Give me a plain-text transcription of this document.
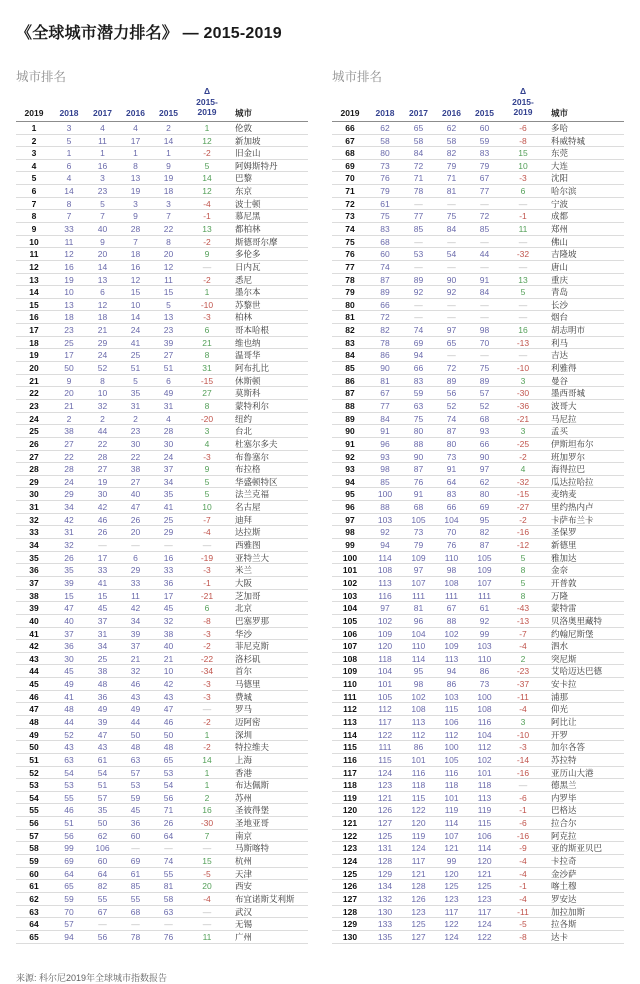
《全球城市潜力排名》 — 2015-2019
城市排名
2019	2018	2017	2016	2015
Δ
2015-
2019	城市
1	3	4	4	2	1	伦敦
2	5	11	17	14	12	新加坡
3	1	1	1	1	-2	旧金山
4	6	16	8	9	5	阿姆斯特丹
5	4	3	13	19	14	巴黎
6	14	23	19	18	12	东京
7	8	5	3	3	-4	波士顿
8	7	7	9	7	-1	慕尼黑
9	33	40	28	22	13	都柏林
10	11	9	7	8	-2	斯德哥尔摩
11	12	20	18	20	9	多伦多
12	16	14	16	12	—	日内瓦
13	19	13	12	11	-2	悉尼
14	10	6	15	15	1	墨尔本
15	13	12	10	5	-10	苏黎世
16	18	18	14	13	-3	柏林
17	23	21	24	23	6	哥本哈根
18	25	29	41	39	21	维也纳
19	17	24	25	27	8	温哥华
20	50	52	51	51	31	阿布扎比
21	9	8	5	6	-15	休斯顿
22	20	10	35	49	27	莫斯科
23	21	32	31	31	8	蒙特利尔
24	2	2	2	4	-20	纽约
25	38	44	23	28	3	台北
26	27	22	30	30	4	杜塞尔多夫
27	22	28	22	24	-3	布鲁塞尔
28	28	27	38	37	9	布拉格
29	24	19	27	34	5	华盛顿特区
30	29	30	40	35	5	法兰克福
31	34	42	47	41	10	名古屋
32	42	46	26	25	-7	迪拜
33	31	26	20	29	-4	达拉斯
34	32	—	—	—	—	西雅图
35	26	17	6	16	-19	亚特兰大
36	35	33	29	33	-3	米兰
37	39	41	33	36	-1	大阪
38	15	15	11	17	-21	芝加哥
39	47	45	42	45	6	北京
40	40	37	34	32	-8	巴塞罗那
41	37	31	39	38	-3	华沙
42	36	34	37	40	-2	菲尼克斯
43	30	25	21	21	-22	洛杉矶
44	45	38	32	10	-34	首尔
45	49	48	46	42	-3	马德里
46	41	36	43	43	-3	费城
47	48	49	49	47	—	罗马
48	44	39	44	46	-2	迈阿密
49	52	47	50	50	1	深圳
50	43	43	48	48	-2	特拉维夫
51	63	61	63	65	14	上海
52	54	54	57	53	1	香港
53	53	51	53	54	1	布达佩斯
54	55	57	59	56	2	苏州
55	46	35	45	71	16	圣彼得堡
56	51	50	36	26	-30	圣地亚哥
57	56	62	60	64	7	南京
58	99	106	—	—	—	马斯喀特
59	69	60	69	74	15	杭州
60	64	64	61	55	-5	天津
61	65	82	85	81	20	西安
62	59	55	55	58	-4	布宜诺斯艾利斯
63	70	67	68	63	—	武汉
64	57	—	—	—	—	无锡
65	94	56	78	76	11	广州
城市排名
2019	2018	2017	2016	2015
Δ
2015-
2019	城市
66	62	65	62	60	-6	多哈
67	58	58	58	59	-8	科威特城
68	80	84	82	83	15	东莞
69	73	72	79	79	10	大连
70	76	71	71	67	-3	沈阳
71	79	78	81	77	6	哈尔滨
72	61	—	—	—	—	宁波
73	75	77	75	72	-1	成都
74	83	85	84	85	11	郑州
75	68	—	—	—	—	佛山
76	60	53	54	44	-32	吉隆坡
77	74	—	—	—	—	唐山
78	87	89	90	91	13	重庆
79	89	92	92	84	5	青岛
80	66	—	—	—	—	长沙
81	72	—	—	—	—	烟台
82	82	74	97	98	16	胡志明市
83	78	69	65	70	-13	利马
84	86	94	—	—	—	吉达
85	90	66	72	75	-10	利雅得
86	81	83	89	89	3	曼谷
87	67	59	56	57	-30	墨西哥城
88	77	63	52	52	-36	波哥大
89	84	75	74	68	-21	马尼拉
90	91	80	87	93	3	孟买
91	96	88	80	66	-25	伊斯坦布尔
92	93	90	73	90	-2	班加罗尔
93	98	87	91	97	4	海得拉巴
94	85	76	64	62	-32	瓜达拉哈拉
95	100	91	83	80	-15	麦纳麦
96	88	68	66	69	-27	里约热内卢
97	103	105	104	95	-2	卡萨布兰卡
98	92	73	70	82	-16	圣保罗
99	94	79	76	87	-12	新德里
100	114	109	110	105	5	雅加达
101	108	97	98	109	8	金奈
102	113	107	108	107	5	开普敦
103	116	111	111	111	8	万隆
104	97	81	67	61	-43	蒙特雷
105	102	96	88	92	-13	贝洛奥里藏特
106	109	104	102	99	-7	约翰尼斯堡
107	120	110	109	103	-4	泗水
108	118	114	113	110	2	突尼斯
109	104	95	94	86	-23	艾哈迈达巴德
110	101	98	86	73	-37	安卡拉
111	105	102	103	100	-11	浦那
112	112	108	115	108	-4	仰光
113	117	113	106	116	3	阿比让
114	122	112	112	104	-10	开罗
115	111	86	100	112	-3	加尔各答
116	115	101	105	102	-14	苏拉特
117	124	116	116	101	-16	亚历山大港
118	123	118	118	118	—	德黑兰
119	121	115	101	113	-6	内罗毕
120	126	122	119	119	-1	巴格达
121	127	120	114	115	-6	拉合尔
122	125	119	107	106	-16	阿克拉
123	131	124	121	114	-9	亚的斯亚贝巴
124	128	117	99	120	-4	卡拉奇
125	129	121	120	121	-4	金沙萨
126	134	128	125	125	-1	喀土穆
127	132	126	123	123	-4	罗安达
128	130	123	117	117	-11	加拉加斯
129	133	125	122	124	-5	拉各斯
130	135	127	124	122	-8	达卡
来源: 科尔尼2019年全球城市指数报告
